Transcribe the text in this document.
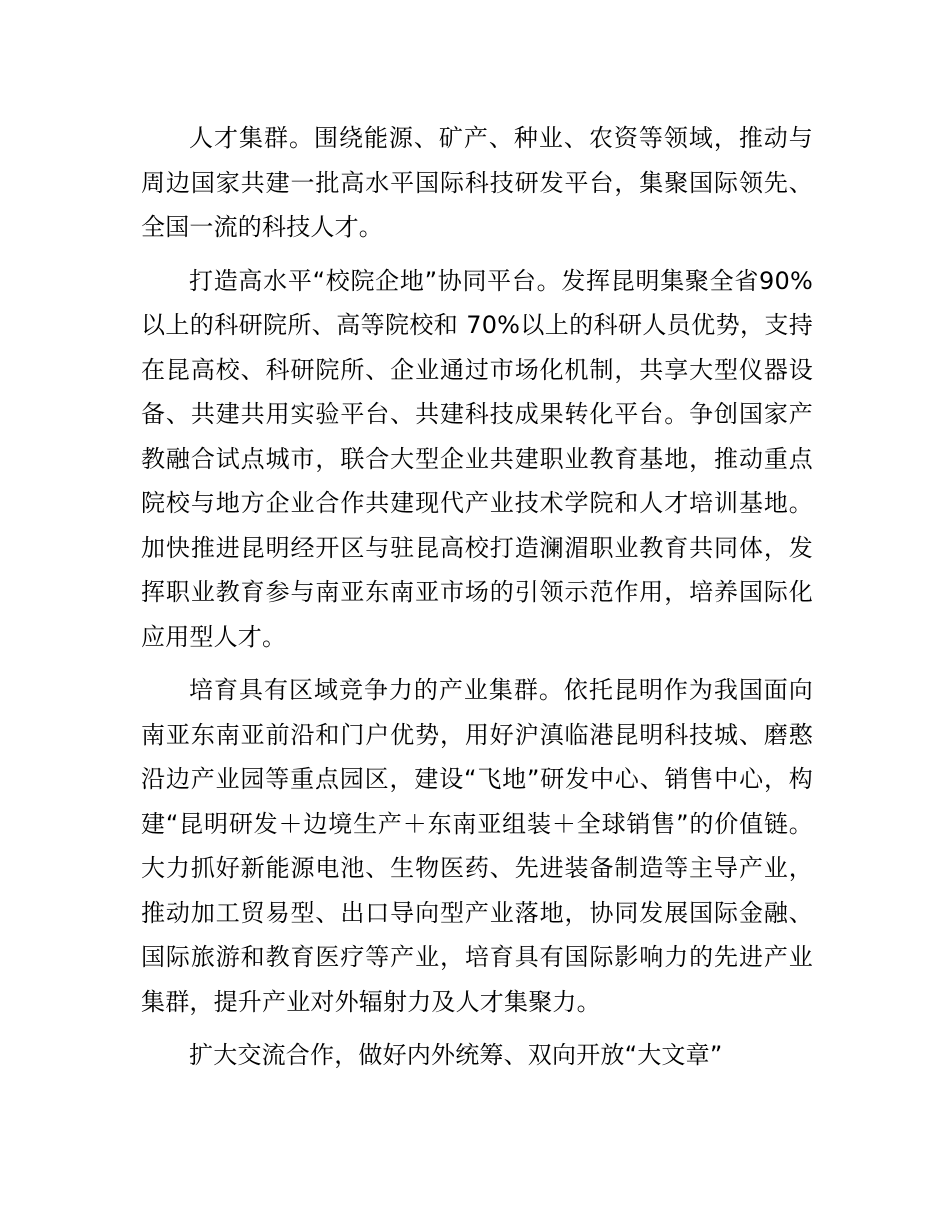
人才集群。围绕能源、矿产、种业、农资等领域，推动与周边国家共建一批高水平国际科技研发平台，集聚国际领先、全国一流的科技人才。

打造高水平“校院企地”协同平台。发挥昆明集聚全省90%以上的科研院所、高等院校和 70%以上的科研人员优势，支持在昆高校、科研院所、企业通过市场化机制，共享大型仪器设备、共建共用实验平台、共建科技成果转化平台。争创国家产教融合试点城市，联合大型企业共建职业教育基地，推动重点院校与地方企业合作共建现代产业技术学院和人才培训基地。加快推进昆明经开区与驻昆高校打造澜湄职业教育共同体，发挥职业教育参与南亚东南亚市场的引领示范作用，培养国际化应用型人才。

培育具有区域竞争力的产业集群。依托昆明作为我国面向南亚东南亚前沿和门户优势，用好沪滇临港昆明科技城、磨憨沿边产业园等重点园区，建设“飞地”研发中心、销售中心，构建“昆明研发＋边境生产＋东南亚组装＋全球销售”的价值链。大力抓好新能源电池、生物医药、先进装备制造等主导产业，推动加工贸易型、出口导向型产业落地，协同发展国际金融、国际旅游和教育医疗等产业，培育具有国际影响力的先进产业集群，提升产业对外辐射力及人才集聚力。

扩大交流合作，做好内外统筹、双向开放“大文章”
